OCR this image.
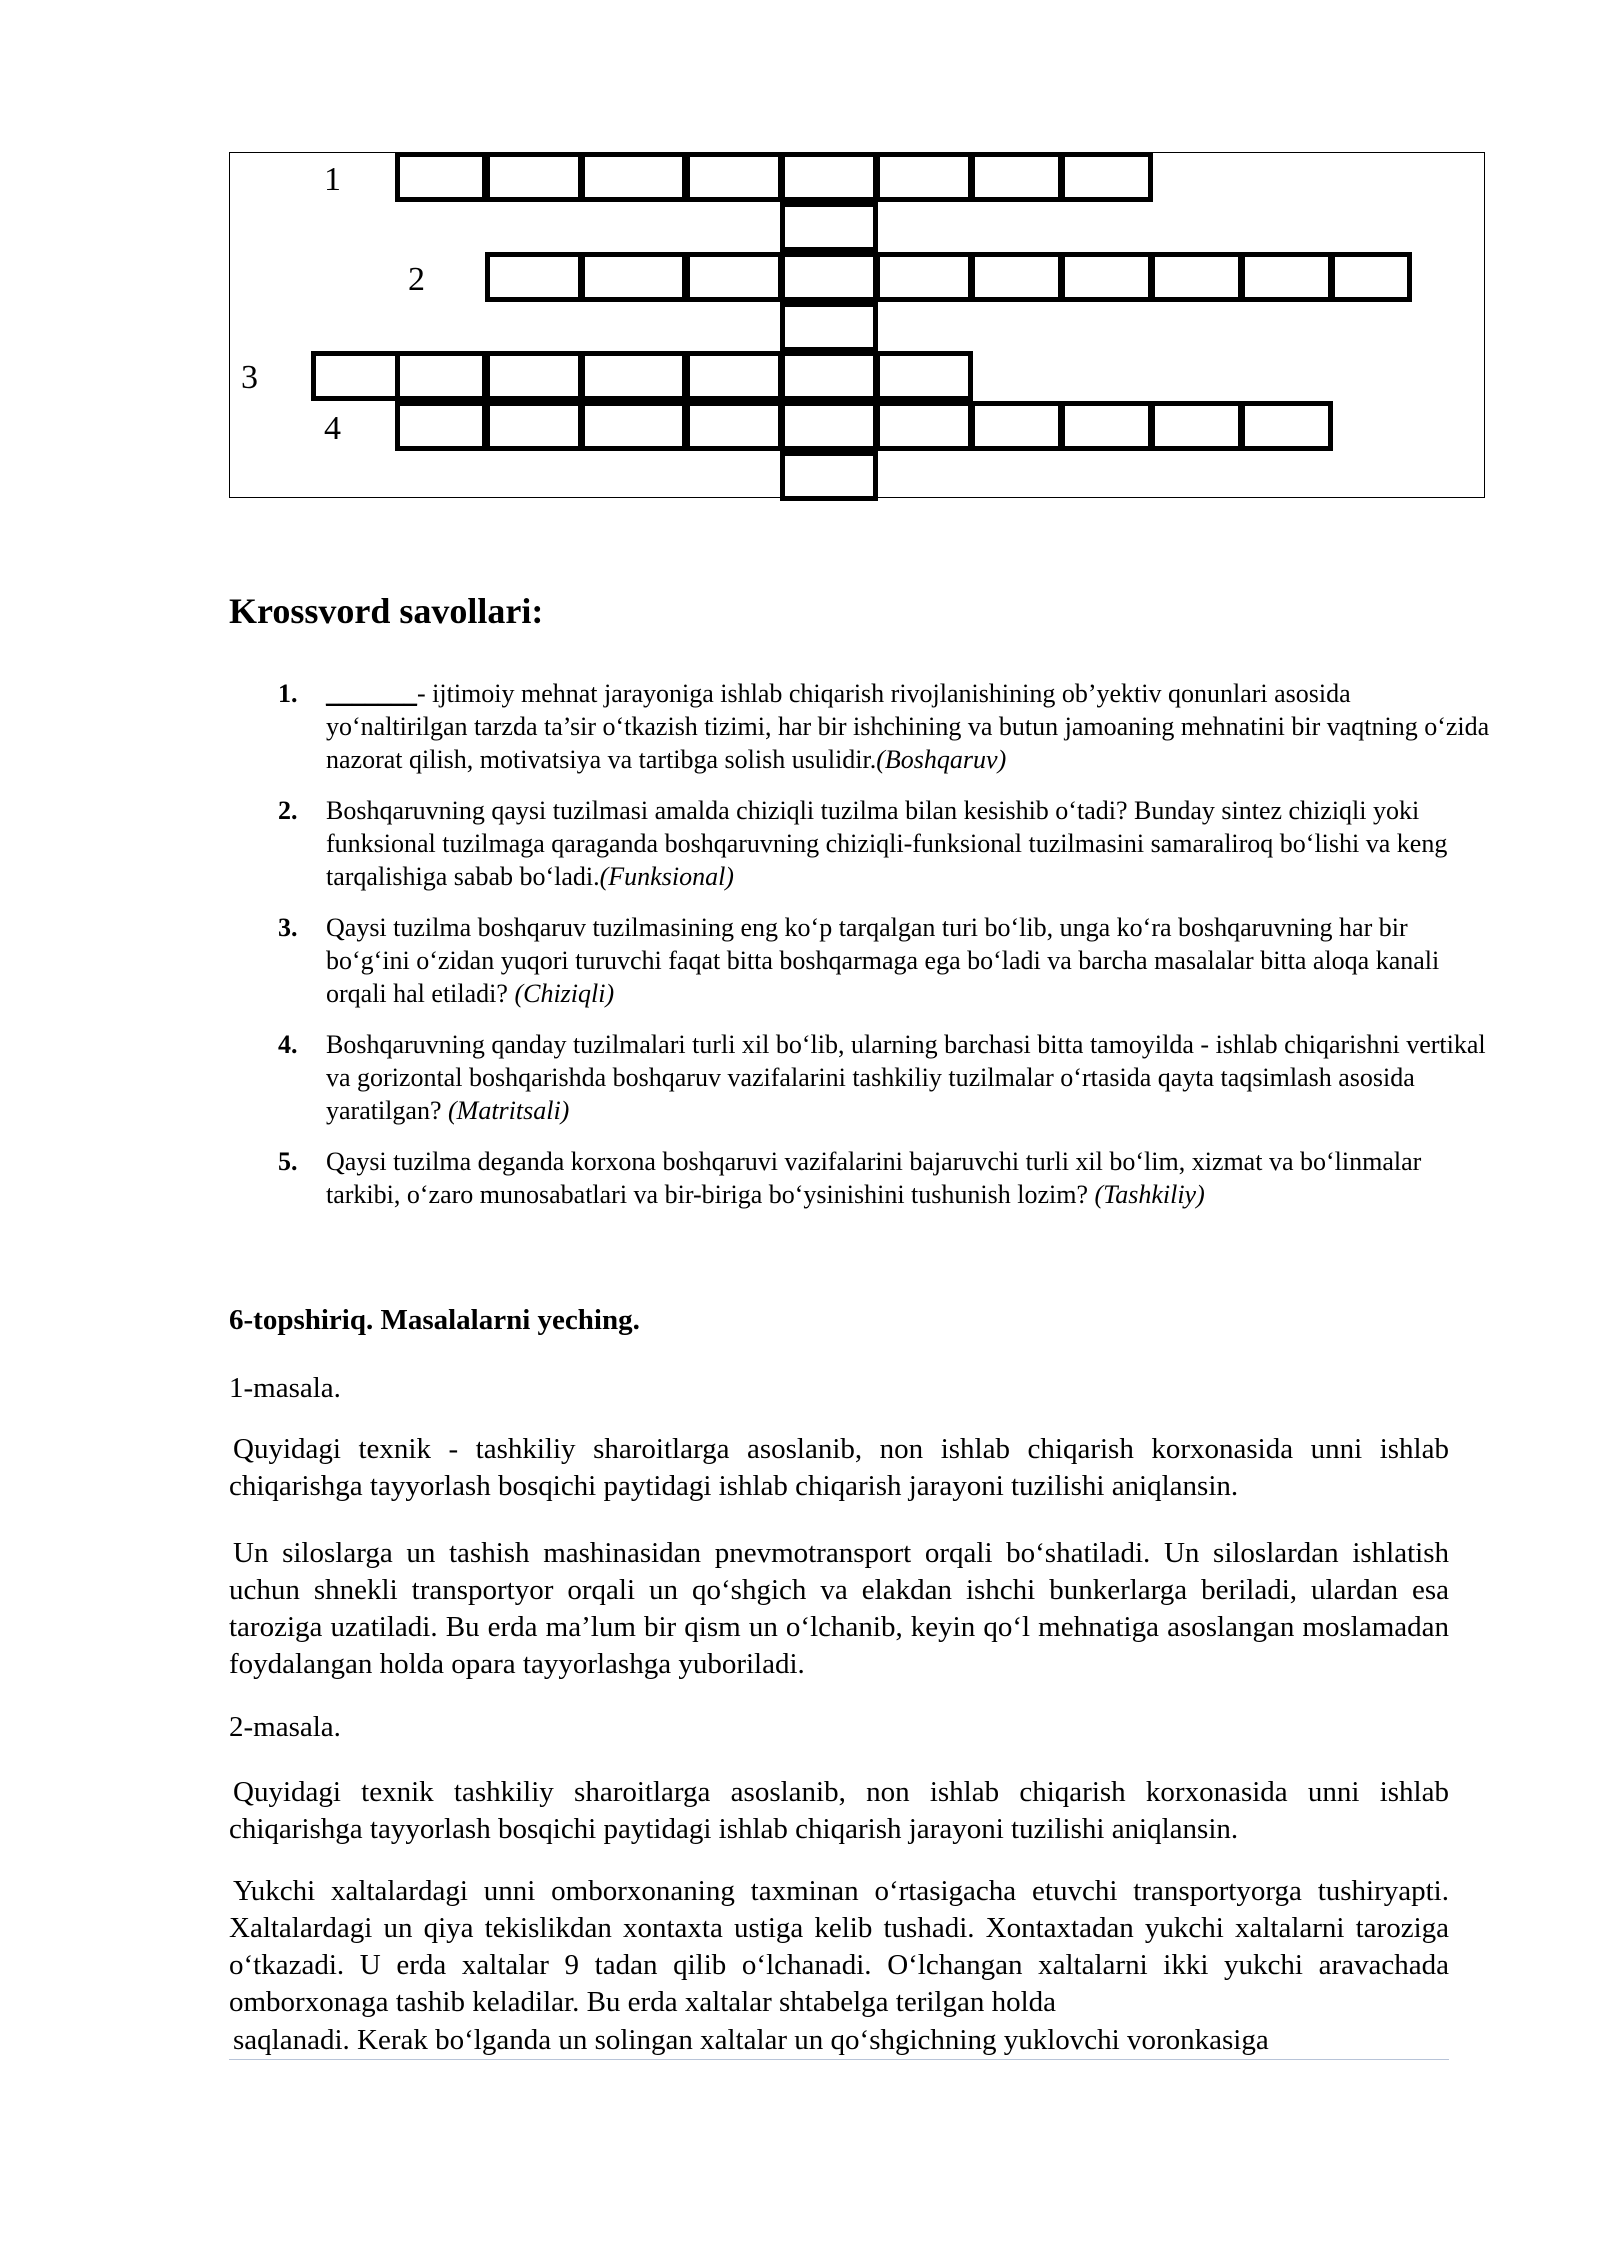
1
2
3
4
Krossvord savollari:
1. _______- ijtimoiy mehnat jarayoniga ishlab chiqarish rivojlanishining ob’yektiv qonunlari asosida yo‘naltirilgan tarzda ta’sir o‘tkazish tizimi, har bir ishchining va butun jamoaning mehnatini bir vaqtning o‘zida nazorat qilish, motivatsiya va tartibga solish usulidir.(Boshqaruv)
2. Boshqaruvning qaysi tuzilmasi amalda chiziqli tuzilma bilan kesishib o‘tadi? Bunday sintez chiziqli yoki funksional tuzilmaga qaraganda boshqaruvning chiziqli-funksional tuzilmasini samaraliroq bo‘lishi va keng tarqalishiga sabab bo‘ladi.(Funksional)
3. Qaysi tuzilma boshqaruv tuzilmasining eng ko‘p tarqalgan turi bo‘lib, unga ko‘ra boshqaruvning har bir bo‘g‘ini o‘zidan yuqori turuvchi faqat bitta boshqarmaga ega bo‘ladi va barcha masalalar bitta aloqa kanali orqali hal etiladi? (Chiziqli)
4. Boshqaruvning qanday tuzilmalari turli xil bo‘lib, ularning barchasi bitta tamoyilda - ishlab chiqarishni vertikal va gorizontal boshqarishda boshqaruv vazifalarini tashkiliy tuzilmalar o‘rtasida qayta taqsimlash asosida yaratilgan? (Matritsali)
5. Qaysi tuzilma deganda korxona boshqaruvi vazifalarini bajaruvchi turli xil bo‘lim, xizmat va bo‘linmalar tarkibi, o‘zaro munosabatlari va bir-biriga bo‘ysinishini tushunish lozim? (Tashkiliy)
6-topshiriq. Masalalarni yeching.
1-masala.
Quyidagi texnik - tashkiliy sharoitlarga asoslanib, non ishlab chiqarish korxonasida unni ishlab chiqarishga tayyorlash bosqichi paytidagi ishlab chiqarish jarayoni tuzilishi aniqlansin.
Un siloslarga un tashish mashinasidan pnevmotransport orqali bo‘shatiladi. Un siloslardan ishlatish uchun shnekli transportyor orqali un qo‘shgich va elakdan ishchi bunkerlarga beriladi, ulardan esa taroziga uzatiladi. Bu erda ma’lum bir qism un o‘lchanib, keyin qo‘l mehnatiga asoslangan moslamadan foydalangan holda opara tayyorlashga yuboriladi.
2-masala.
Quyidagi texnik tashkiliy sharoitlarga asoslanib, non ishlab chiqarish korxonasida unni ishlab chiqarishga tayyorlash bosqichi paytidagi ishlab chiqarish jarayoni tuzilishi aniqlansin.
Yukchi xaltalardagi unni omborxonaning taxminan o‘rtasigacha etuvchi transportyorga tushiryapti. Xaltalardagi un qiya tekislikdan xontaxta ustiga kelib tushadi. Xontaxtadan yukchi xaltalarni taroziga o‘tkazadi. U erda xaltalar 9 tadan qilib o‘lchanadi. O‘lchangan xaltalarni ikki yukchi aravachada omborxonaga tashib keladilar. Bu erda xaltalar shtabelga terilgan holda
saqlanadi. Kerak bo‘lganda un solingan xaltalar un qo‘shgichning yuklovchi voronkasiga
